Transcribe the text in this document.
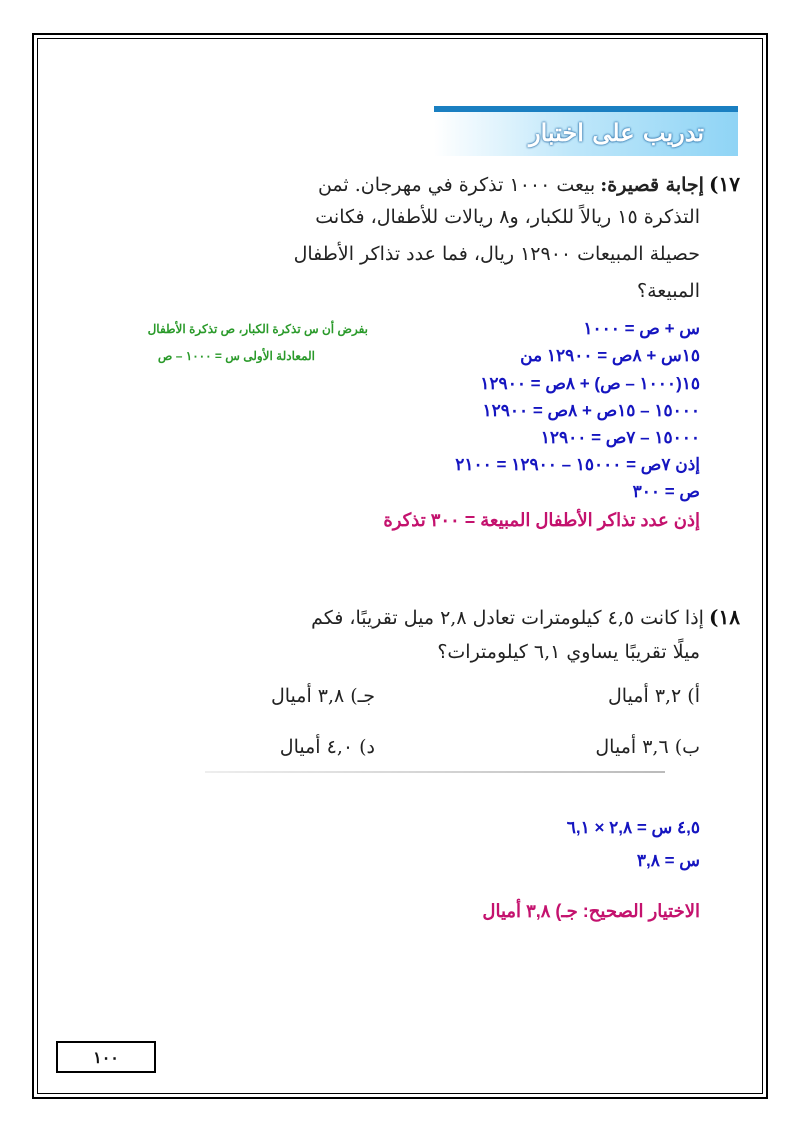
تدريب على اختبار
١٧) إجابة قصيرة: بيعت ١٠٠٠ تذكرة في مهرجان. ثمن
التذكرة ١٥ ريالاً للكبار، و٨ ريالات للأطفال، فكانت
حصيلة المبيعات ١٢٩٠٠ ريال، فما عدد تذاكر الأطفال
المبيعة؟
س + ص = ١٠٠٠
بفرض أن س تذكرة الكبار، ص تذكرة الأطفال
١٥س + ٨ص = ١٢٩٠٠ من
المعادلة الأولى س = ١٠٠٠ – ص
١٥(١٠٠٠ – ص) + ٨ص = ١٢٩٠٠
١٥٠٠٠ – ١٥ص + ٨ص = ١٢٩٠٠
١٥٠٠٠ – ٧ص = ١٢٩٠٠
إذن ٧ص = ١٥٠٠٠ – ١٢٩٠٠ = ٢١٠٠
ص = ٣٠٠
إذن عدد تذاكر الأطفال المبيعة = ٣٠٠ تذكرة
١٨) إذا كانت ٤,٥ كيلومترات تعادل ٢,٨ ميل تقريبًا، فكم
ميلًا تقريبًا يساوي ٦,١ كيلومترات؟
أ) ٣,٢ أميال
جـ) ٣,٨ أميال
ب) ٣,٦ أميال
د) ٤,٠ أميال
٤,٥ س = ٢,٨ × ٦,١
س = ٣,٨
الاختيار الصحيح: جـ) ٣,٨ أميال
١٠٠
